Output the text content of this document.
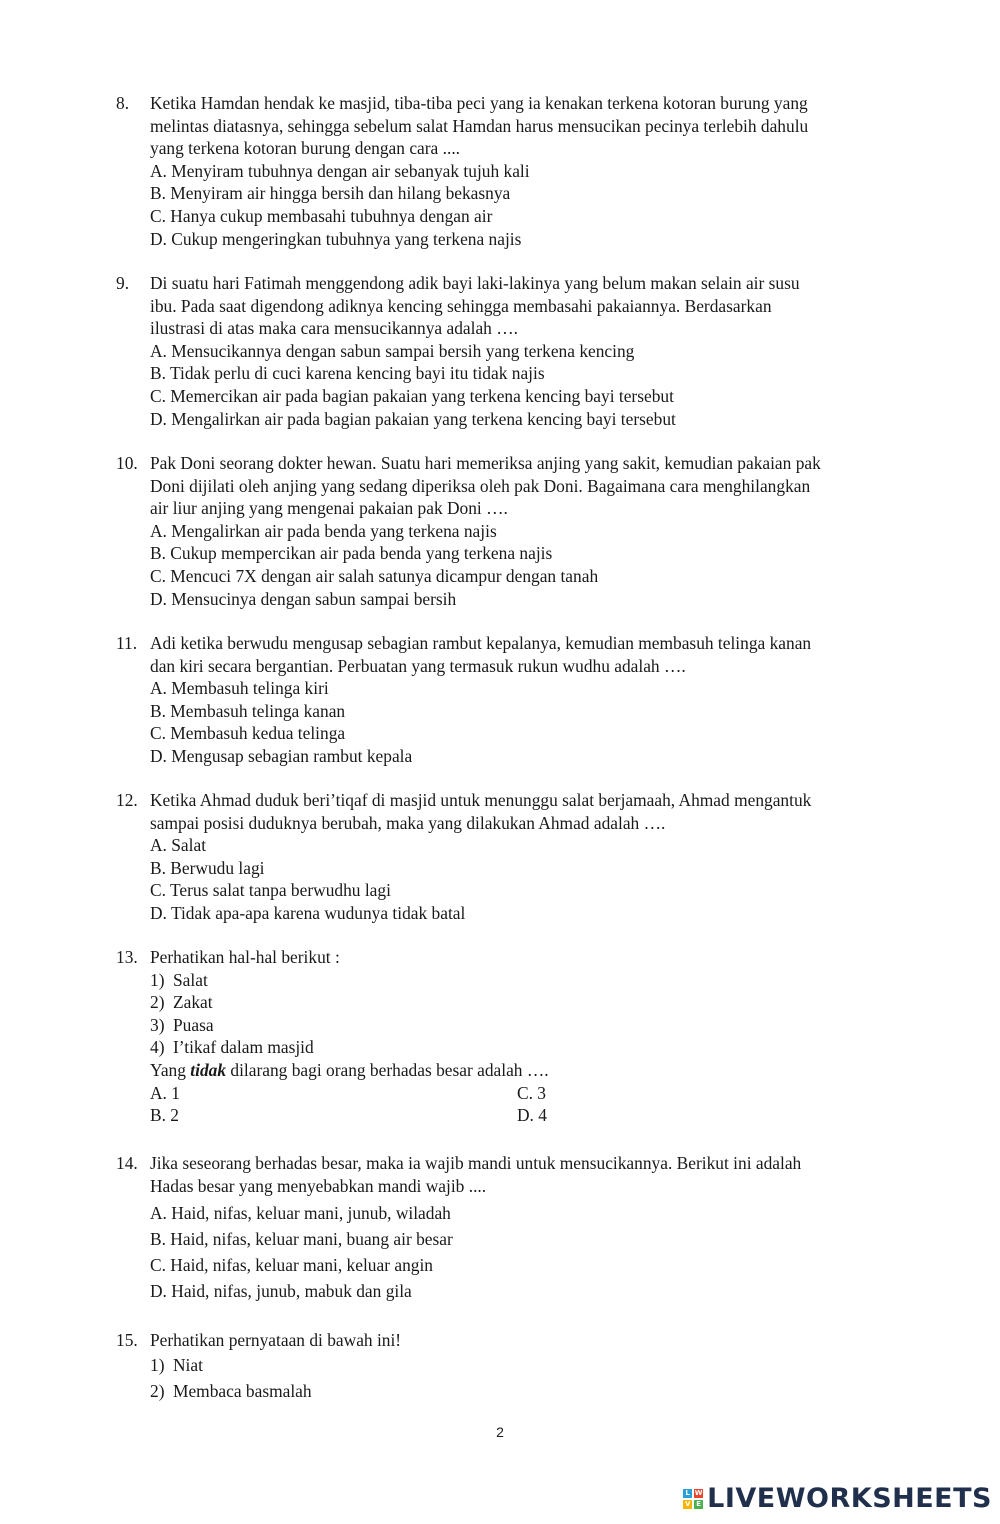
8.	Ketika Hamdan hendak ke masjid, tiba-tiba peci yang ia kenakan terkena kotoran burung yang
melintas diatasnya, sehingga sebelum salat Hamdan harus mensucikan pecinya terlebih dahulu
yang terkena kotoran burung dengan cara ....
A. Menyiram tubuhnya dengan air sebanyak tujuh kali
B. Menyiram air hingga bersih dan hilang bekasnya
C. Hanya cukup membasahi tubuhnya dengan air
D. Cukup mengeringkan tubuhnya yang terkena najis
9.	Di suatu hari Fatimah menggendong adik bayi laki-lakinya yang belum makan selain air susu
ibu. Pada saat digendong adiknya kencing sehingga membasahi pakaiannya. Berdasarkan
ilustrasi di atas maka cara mensucikannya adalah ….
A. Mensucikannya dengan sabun sampai bersih yang terkena kencing
B. Tidak perlu di cuci karena kencing bayi itu tidak najis
C. Memercikan air pada bagian pakaian yang terkena kencing bayi tersebut
D. Mengalirkan air pada bagian pakaian yang terkena kencing bayi tersebut
10. Pak Doni seorang dokter hewan. Suatu hari memeriksa anjing yang sakit, kemudian pakaian pak
Doni dijilati oleh anjing yang sedang diperiksa oleh pak Doni. Bagaimana cara menghilangkan
air liur anjing yang mengenai pakaian pak Doni ….
A. Mengalirkan air pada benda yang terkena najis
B. Cukup mempercikan air pada benda yang terkena najis
C. Mencuci 7X dengan air salah satunya dicampur dengan tanah
D. Mensucinya dengan sabun sampai bersih
11. Adi ketika berwudu mengusap sebagian rambut kepalanya, kemudian membasuh telinga kanan
dan kiri secara bergantian. Perbuatan yang termasuk rukun wudhu adalah ….
A. Membasuh telinga kiri
B. Membasuh telinga kanan
C. Membasuh kedua telinga
D. Mengusap sebagian rambut kepala
12. Ketika Ahmad duduk beri’tiqaf di masjid untuk menunggu salat berjamaah, Ahmad mengantuk
sampai posisi duduknya berubah, maka yang dilakukan Ahmad adalah ….
A. Salat
B. Berwudu lagi
C. Terus salat tanpa berwudhu lagi
D. Tidak apa-apa karena wudunya tidak batal
13. Perhatikan hal-hal berikut :
1) Salat
2) Zakat
3) Puasa
4) I’tikaf dalam masjid
Yang tidak dilarang bagi orang berhadas besar adalah ….
A. 1	C. 3
B. 2	D. 4
14. Jika seseorang berhadas besar, maka ia wajib mandi untuk mensucikannya. Berikut ini adalah
Hadas besar yang menyebabkan mandi wajib ....
A. Haid, nifas, keluar mani, junub, wiladah
B. Haid, nifas, keluar mani, buang air besar
C. Haid, nifas, keluar mani, keluar angin
D. Haid, nifas, junub, mabuk dan gila
15. Perhatikan pernyataan di bawah ini!
1) Niat
2) Membaca basmalah
2
L W
V E LIVEWORKSHEETS
